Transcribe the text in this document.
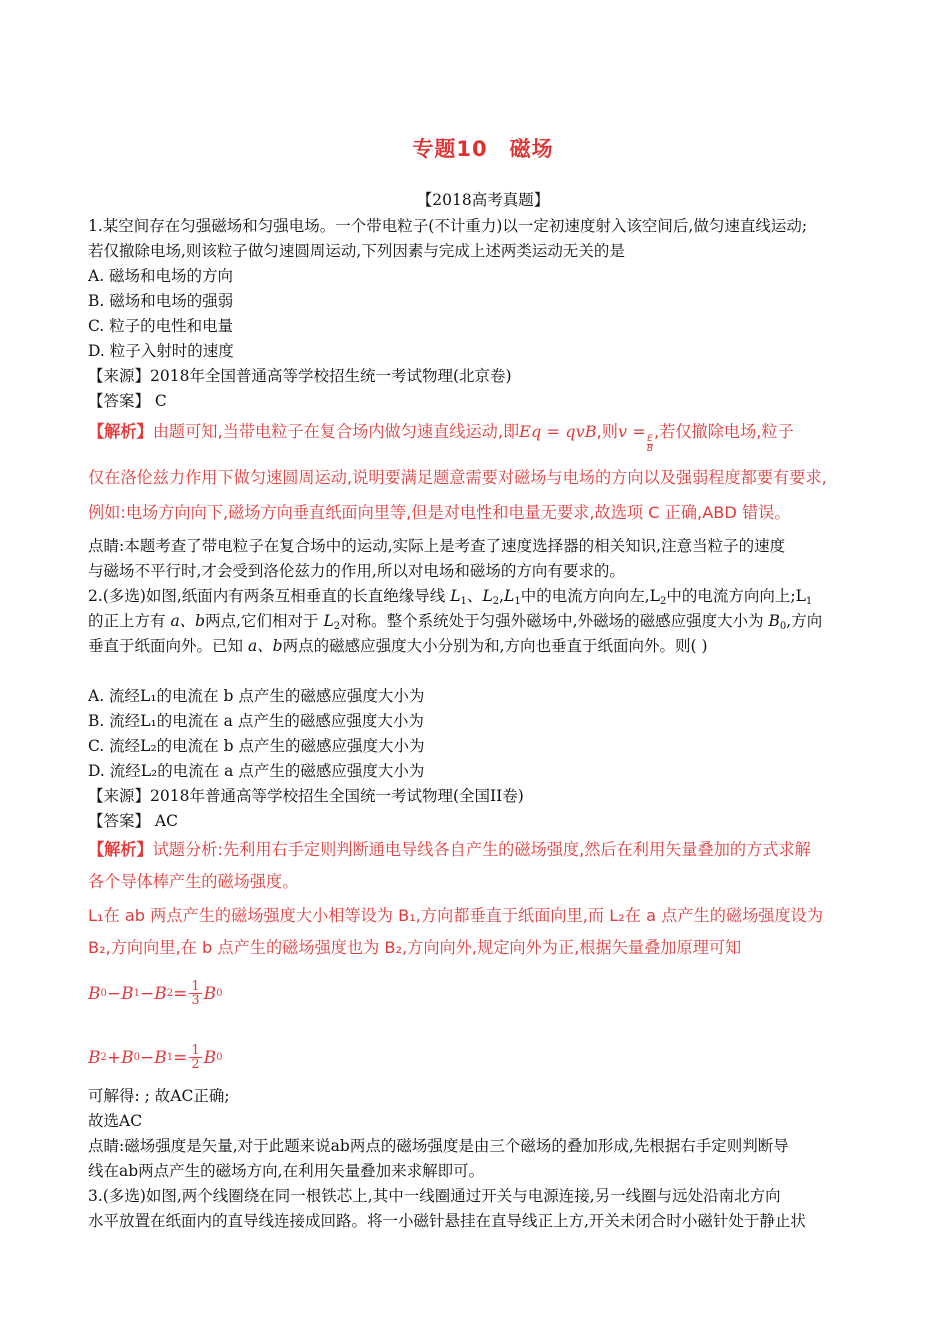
专题10 磁场
【2018高考真题】
1.某空间存在匀强磁场和匀强电场。一个带电粒子(不计重力)以一定初速度射入该空间后,做匀速直线运动;
若仅撤除电场,则该粒子做匀速圆周运动,下列因素与完成上述两类运动无关的是
A. 磁场和电场的方向
B. 磁场和电场的强弱
C. 粒子的电性和电量
D. 粒子入射时的速度
【来源】2018年全国普通高等学校招生统一考试物理(北京卷)
【答案】 C
【解析】由题可知,当带电粒子在复合场内做匀速直线运动,即Eq = qvB,则v =
$\frac{E}{B}$
,若仅撤除电场,粒子
仅在洛伦兹力作用下做匀速圆周运动,说明要满足题意需要对磁场与电场的方向以及强弱程度都要有要求,
例如:电场方向向下,磁场方向垂直纸面向里等,但是对电性和电量无要求,故选项 C 正确,ABD 错误。
点睛:本题考查了带电粒子在复合场中的运动,实际上是考查了速度选择器的相关知识,注意当粒子的速度
与磁场不平行时,才会受到洛伦兹力的作用,所以对电场和磁场的方向有要求的。
2.(多选)如图,纸面内有两条互相垂直的长直绝缘导线 $L_1$、$L_2,L_1$中的电流方向向左$,L_2$中的电流方向向上$;L_1$
的正上方有 a、b两点,它们相对于 $L_2$对称。整个系统处于匀强外磁场中,外磁场的磁感应强度大小为 $B_0$,方向
垂直于纸面向外。已知 a、b两点的磁感应强度大小分别为和,方向也垂直于纸面向外。则( )
A. 流经L₁的电流在 b 点产生的磁感应强度大小为
B. 流经L₁的电流在 a 点产生的磁感应强度大小为
C. 流经L₂的电流在 b 点产生的磁感应强度大小为
D. 流经L₂的电流在 a 点产生的磁感应强度大小为
【来源】2018年普通高等学校招生全国统一考试物理(全国II卷)
【答案】 AC
【解析】试题分析:先利用右手定则判断通电导线各自产生的磁场强度,然后在利用矢量叠加的方式求解
各个导体棒产生的磁场强度。
L₁在 ab 两点产生的磁场强度大小相等设为 B₁,方向都垂直于纸面向里,而 L₂在 a 点产生的磁场强度设为
B₂,方向向里,在 b 点产生的磁场强度也为 B₂,方向向外,规定向外为正,根据矢量叠加原理可知
B 0 − B 1 − B $2 = \frac{1}{3}$ B 0
B 2 + B 0 − B $1 = \frac{1}{2}$ B 0
可解得: ; 故AC正确;
故选AC
点睛:磁场强度是矢量,对于此题来说ab两点的磁场强度是由三个磁场的叠加形成,先根据右手定则判断导
线在ab两点产生的磁场方向,在利用矢量叠加来求解即可。
3.(多选)如图,两个线圈绕在同一根铁芯上,其中一线圈通过开关与电源连接,另一线圈与远处沿南北方向
水平放置在纸面内的直导线连接成回路。将一小磁针悬挂在直导线正上方,开关未闭合时小磁针处于静止状
